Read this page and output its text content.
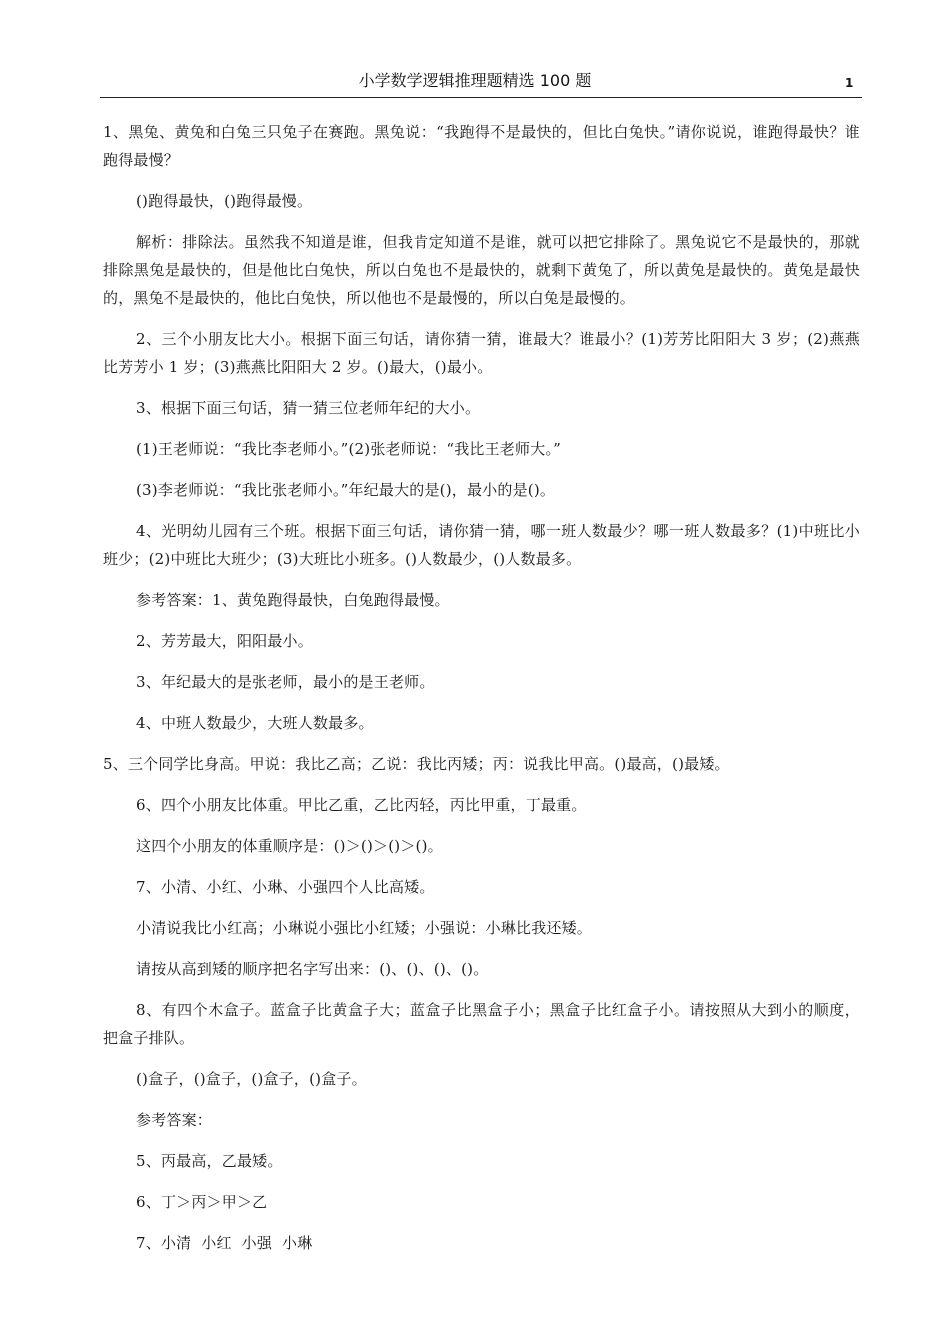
小学数学逻辑推理题精选 100 题	1

1、黑兔、黄兔和白兔三只兔子在赛跑。黑兔说：“我跑得不是最快的，但比白兔快。”请你说说，谁跑得最快？谁跑得最慢？

()跑得最快，()跑得最慢。

解析：排除法。虽然我不知道是谁，但我肯定知道不是谁，就可以把它排除了。黑兔说它不是最快的，那就排除黑兔是最快的，但是他比白兔快，所以白兔也不是最快的，就剩下黄兔了，所以黄兔是最快的。黄兔是最快的，黑兔不是最快的，他比白兔快，所以他也不是最慢的，所以白兔是最慢的。

2、三个小朋友比大小。根据下面三句话，请你猜一猜，谁最大？谁最小？(1)芳芳比阳阳大 3 岁；(2)燕燕比芳芳小 1 岁；(3)燕燕比阳阳大 2 岁。()最大，()最小。

3、根据下面三句话，猜一猜三位老师年纪的大小。

(1)王老师说：“我比李老师小。”(2)张老师说：“我比王老师大。”

(3)李老师说：“我比张老师小。”年纪最大的是()，最小的是()。

4、光明幼儿园有三个班。根据下面三句话，请你猜一猜，哪一班人数最少？哪一班人数最多？(1)中班比小班少；(2)中班比大班少；(3)大班比小班多。()人数最少，()人数最多。

参考答案：1、黄兔跑得最快，白兔跑得最慢。

2、芳芳最大，阳阳最小。

3、年纪最大的是张老师，最小的是王老师。

4、中班人数最少，大班人数最多。

5、三个同学比身高。甲说：我比乙高；乙说：我比丙矮；丙：说我比甲高。()最高，()最矮。

6、四个小朋友比体重。甲比乙重，乙比丙轻，丙比甲重，丁最重。

这四个小朋友的体重顺序是：()＞()＞()＞()。

7、小清、小红、小琳、小强四个人比高矮。

小清说我比小红高；小琳说小强比小红矮；小强说：小琳比我还矮。

请按从高到矮的顺序把名字写出来：()、()、()、()。

8、有四个木盒子。蓝盒子比黄盒子大；蓝盒子比黑盒子小；黑盒子比红盒子小。请按照从大到小的顺度，把盒子排队。

()盒子，()盒子，()盒子，()盒子。

参考答案：

5、丙最高，乙最矮。

6、丁＞丙＞甲＞乙

7、小清  小红  小强  小琳
